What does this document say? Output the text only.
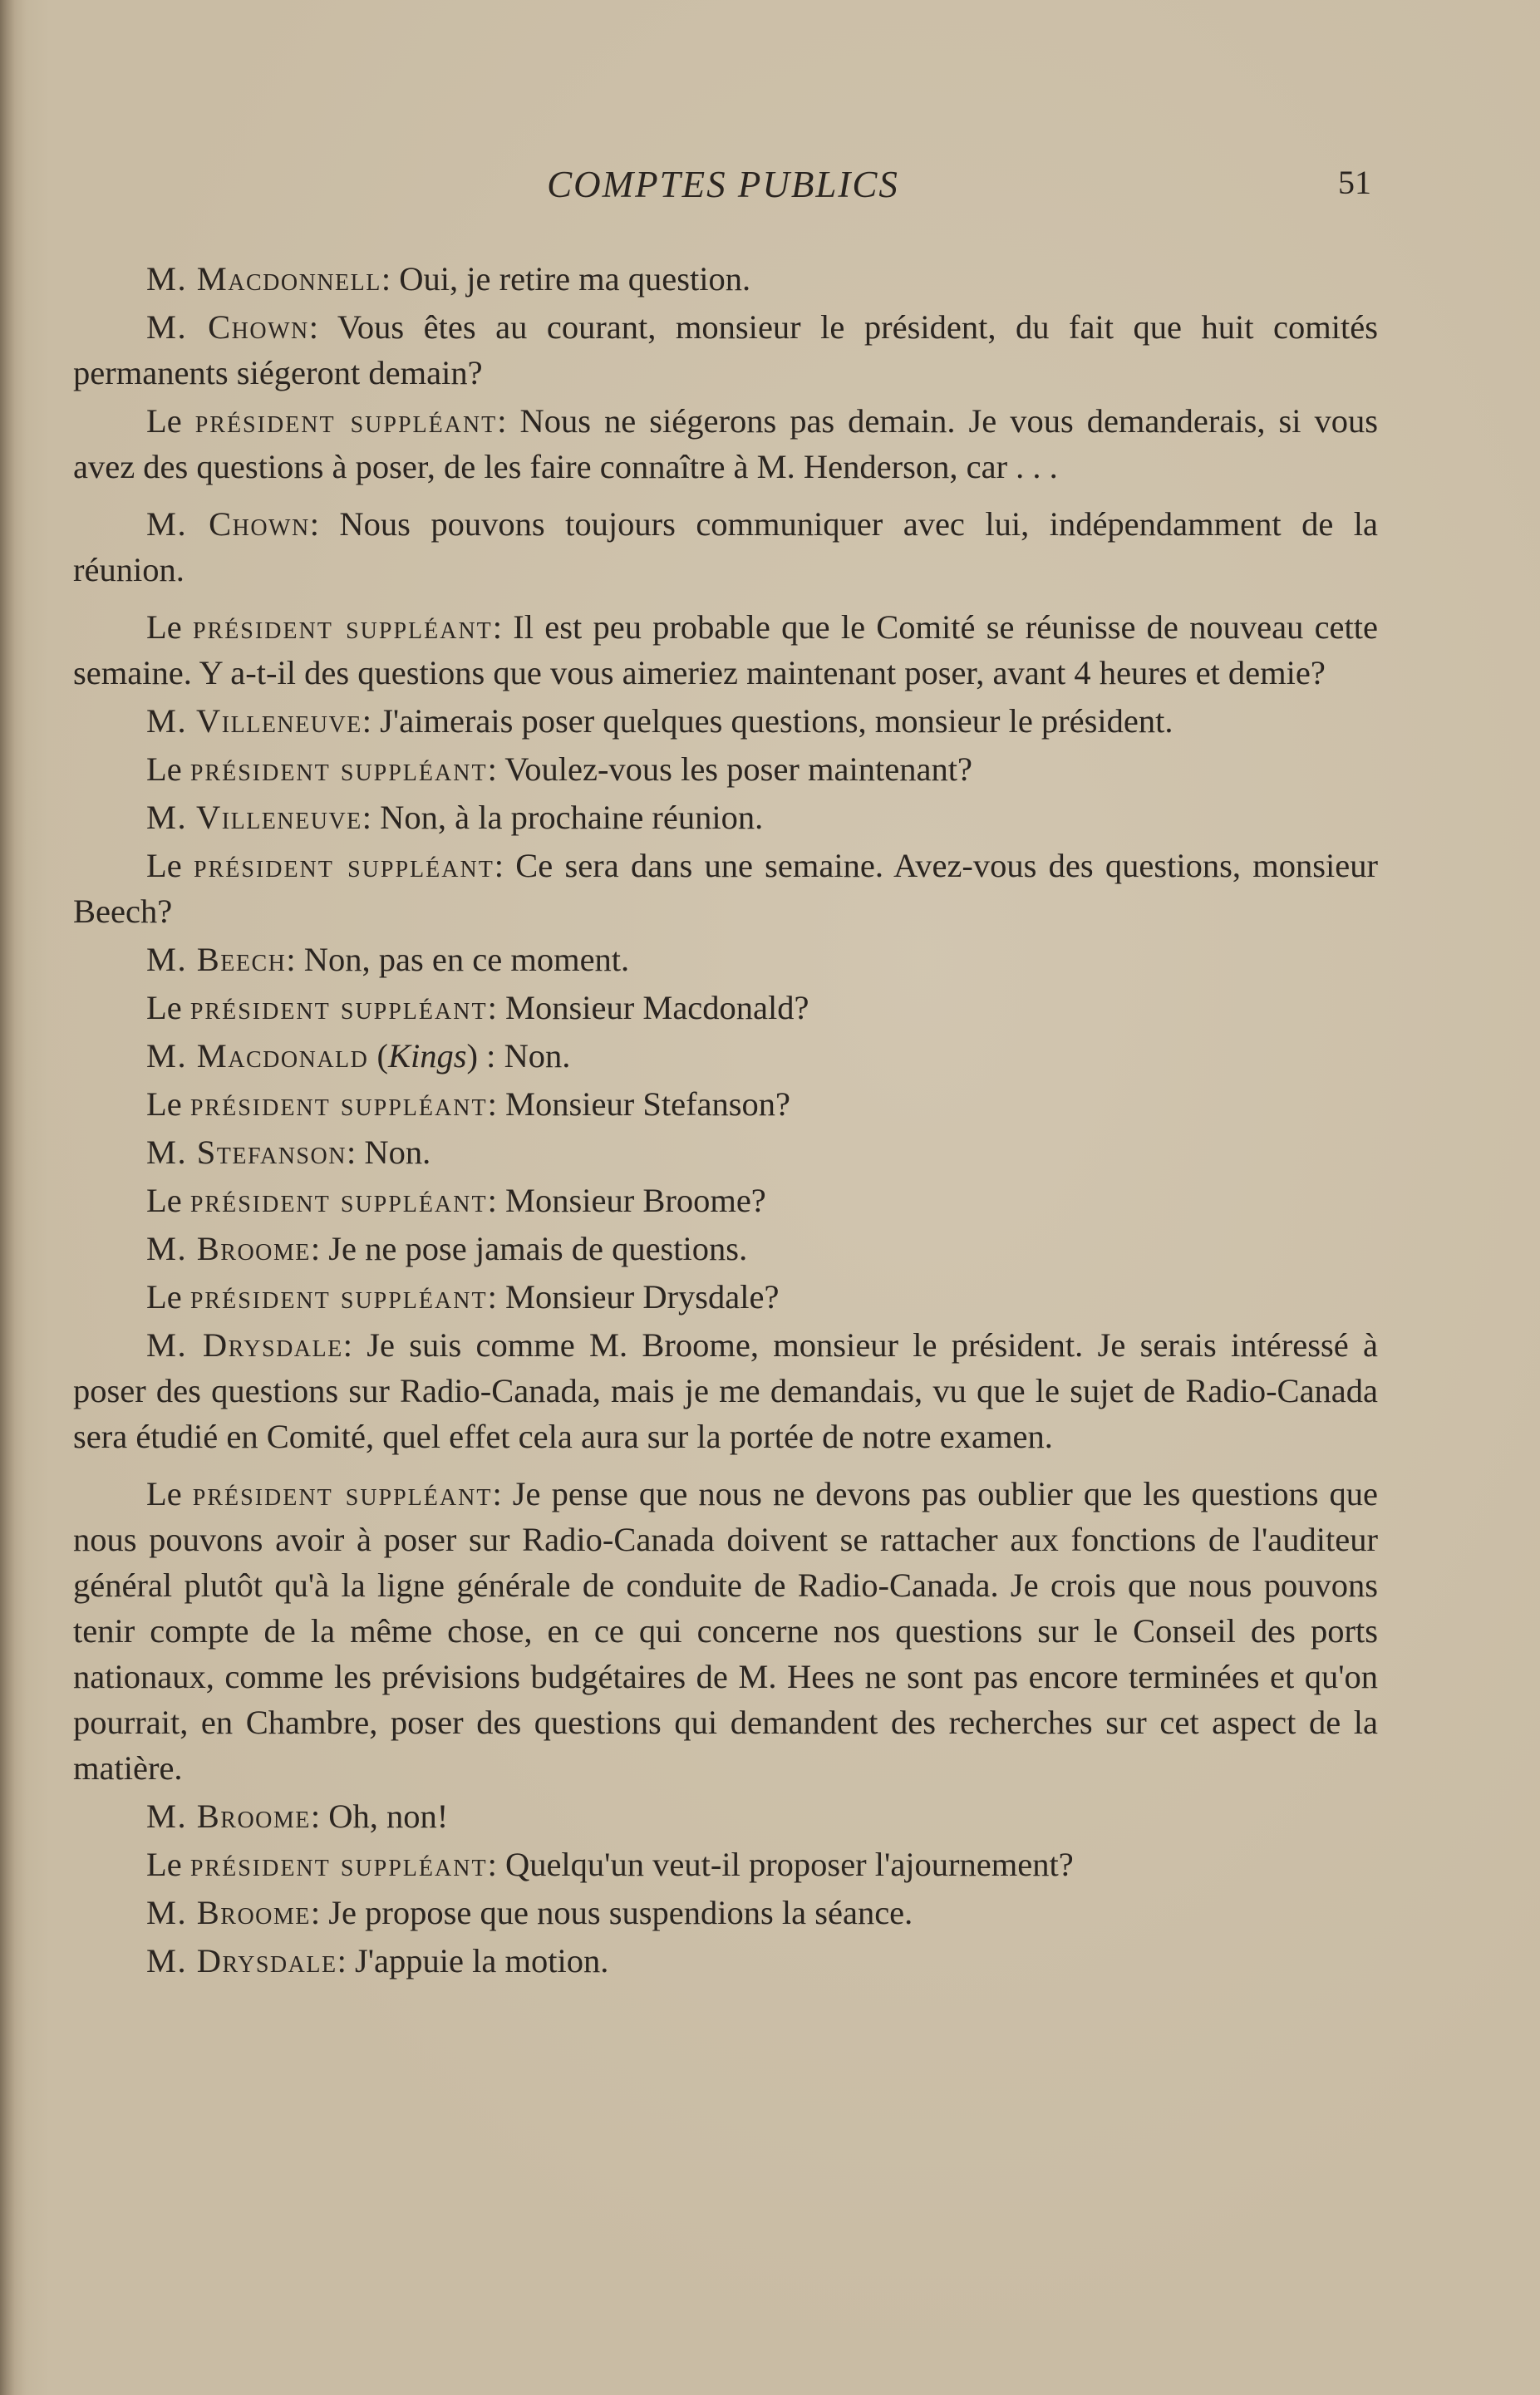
COMPTES PUBLICS	51

M. Macdonnell: Oui, je retire ma question.

M. Chown: Vous êtes au courant, monsieur le président, du fait que huit comités permanents siégeront demain?

Le président suppléant: Nous ne siégerons pas demain. Je vous demanderais, si vous avez des questions à poser, de les faire connaître à M. Henderson, car . . .

M. Chown: Nous pouvons toujours communiquer avec lui, indépendamment de la réunion.

Le président suppléant: Il est peu probable que le Comité se réunisse de nouveau cette semaine. Y a-t-il des questions que vous aimeriez maintenant poser, avant 4 heures et demie?

M. Villeneuve: J'aimerais poser quelques questions, monsieur le président.

Le président suppléant: Voulez-vous les poser maintenant?

M. Villeneuve: Non, à la prochaine réunion.

Le président suppléant: Ce sera dans une semaine. Avez-vous des questions, monsieur Beech?

M. Beech: Non, pas en ce moment.

Le président suppléant: Monsieur Macdonald?

M. Macdonald (Kings) : Non.

Le président suppléant: Monsieur Stefanson?

M. Stefanson: Non.

Le président suppléant: Monsieur Broome?

M. Broome: Je ne pose jamais de questions.

Le président suppléant: Monsieur Drysdale?

M. Drysdale: Je suis comme M. Broome, monsieur le président. Je serais intéressé à poser des questions sur Radio-Canada, mais je me demandais, vu que le sujet de Radio-Canada sera étudié en Comité, quel effet cela aura sur la portée de notre examen.

Le président suppléant: Je pense que nous ne devons pas oublier que les questions que nous pouvons avoir à poser sur Radio-Canada doivent se rattacher aux fonctions de l'auditeur général plutôt qu'à la ligne générale de conduite de Radio-Canada. Je crois que nous pouvons tenir compte de la même chose, en ce qui concerne nos questions sur le Conseil des ports nationaux, comme les prévisions budgétaires de M. Hees ne sont pas encore terminées et qu'on pourrait, en Chambre, poser des questions qui demandent des recherches sur cet aspect de la matière.

M. Broome: Oh, non!

Le président suppléant: Quelqu'un veut-il proposer l'ajournement?

M. Broome: Je propose que nous suspendions la séance.

M. Drysdale: J'appuie la motion.
